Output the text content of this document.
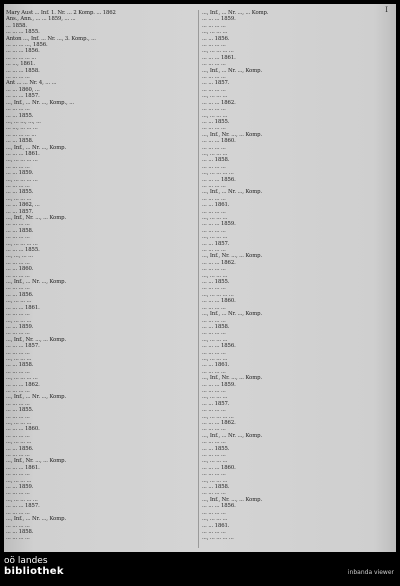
I

Mary Aust ... Inf. 1. Nr. ... 2 Komp. ... 1862

Ans., Ann., ... ... 1859, ... ...

... 1858.

... ... ... 1855.

Anton ..., Inf. ... Nr. ..., 3. Komp., ...

... ... ... ..., 1856.

... ... ... 1856.

... ... ... ... ...

... ..., 1861.

... ... ... 1858.

... ... ... ...

Ant ... ... Nr. 4, ... ...

... ... 1860, ...

... ... ... 1857.

..., Inf., ... Nr. ..., Komp., ...

... ... ... ...

... ... 1855.

..., ... ..., ..., ...

... ..., ... ... ...

... ... ... ... ...

... ... 1858.

..., Inf., ... Nr. ..., Komp.

... ... ... 1861.

..., ... ... ... ...

... ... ... ...

... ... 1859.

..., ... ... ... ...

... ... ... ...

... ... 1855.

..., ... ... ...

... ... 1862, ...

... ... 1857.

..., Inf., Nr. ..., ... Komp.

... ... ... ...

... ... 1858.

... ... ... ...

..., ... ... ... ...

... ... ... 1855.

..., ..., ... ...

... ... ... ...

... ... 1860.

... ... ... ...

..., Inf., ... Nr. ..., Komp.

... ... ... ...

... ... 1856.

..., ... ... ...

... ... ... 1861.

... ... ... ...

..., ... ... ...

... ... 1859.

... ... ... ...

..., Inf., Nr. ..., ... Komp.

... ... ... 1857.

... ... ... ...

..., ... ... ...

... ... 1858.

... ... ... ...

..., ... ... ... ...

... ... ... 1862.

... ... ... ...

..., Inf., ... Nr. ..., Komp.

... ... ... ...

... ... 1855.

... ... ... ...

..., ... ... ...

... ... ... 1860.

... ... ... ...

..., ... ... ...

... ... 1856.

... ... ... ...

..., Inf., Nr. ..., ... Komp.

... ... ... 1861.

... ... ... ...

..., ... ... ...

... ... 1859.

... ... ... ...

..., ... ... ... ...

... ... ... 1857.

... ... ... ...

..., Inf., ... Nr. ..., Komp.

... ... ... ...

... ... 1858.

... ... ... ...

..., Inf., ... Nr. ..., ... Komp.

... ... ... 1859.

... ... ... ...

..., ... ... ...

... ... 1856.

... ... ... ...

..., ... ... ... ...

... ... ... 1861.

... ... ... ...

..., Inf., ... Nr. ..., Komp.

... ... ... ...

... ... 1857.

... ... ... ...

..., ... ... ...

... ... ... 1862.

... ... ... ...

..., ... ... ...

... ... 1855.

... ... ... ...

..., Inf., Nr. ..., ... Komp.

... ... ... 1860.

... ... ... ...

..., ... ... ...

... ... 1858.

... ... ... ...

..., ... ... ... ...

... ... ... 1856.

... ... ... ...

..., Inf., ... Nr. ..., Komp.

... ... ... ...

... ... 1861.

... ... ... ...

..., ... ... ...

... ... ... 1859.

... ... ... ...

..., ... ... ...

... ... 1857.

... ... ... ...

..., Inf., Nr. ..., ... Komp.

... ... ... 1862.

... ... ... ...

..., ... ... ...

... ... 1855.

... ... ... ...

..., ... ... ... ...

... ... ... 1860.

... ... ... ...

..., Inf., ... Nr. ..., Komp.

... ... ... ...

... ... 1858.

... ... ... ...

..., ... ... ...

... ... ... 1856.

... ... ... ...

..., ... ... ...

... ... 1861.

... ... ... ...

..., Inf., Nr. ..., ... Komp.

... ... ... 1859.

... ... ... ...

..., ... ... ...

... ... 1857.

... ... ... ...

..., ... ... ... ...

... ... ... 1862.

... ... ... ...

..., Inf., ... Nr. ..., Komp.

... ... ... ...

... ... 1855.

... ... ... ...

..., ... ... ...

... ... ... 1860.

... ... ... ...

..., ... ... ...

... ... 1858.

... ... ... ...

..., Inf., Nr. ..., ... Komp.

... ... ... 1856.

... ... ... ...

..., ... ... ...

... ... 1861.

... ... ... ...

..., ... ... ... ...

oö landes
bibliothek	inbanda viewer
